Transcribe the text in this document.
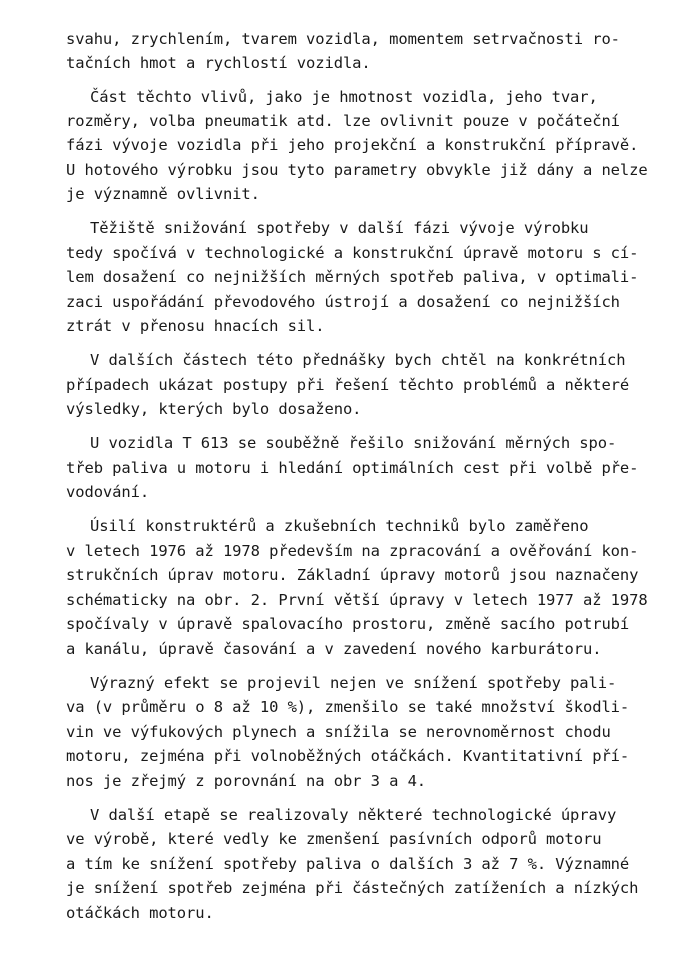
svahu, zrychlením, tvarem vozidla, momentem setrvačnosti ro-
tačních hmot a rychlostí vozidla.
Část těchto vlivů, jako je hmotnost vozidla, jeho tvar,
rozměry, volba pneumatik atd. lze ovlivnit pouze v počáteční
fázi vývoje vozidla při jeho projekční a konstrukční přípravě.
U hotového výrobku jsou tyto parametry obvykle již dány a nelze
je významně ovlivnit.
Těžiště snižování spotřeby v další fázi vývoje výrobku
tedy spočívá v technologické a konstrukční úpravě motoru s cí-
lem dosažení co nejnižších měrných spotřeb paliva, v optimali-
zaci uspořádání převodového ústrojí a dosažení co nejnižších
ztrát v přenosu hnacích sil.
V dalších částech této přednášky bych chtěl na konkrétních
případech ukázat postupy při řešení těchto problémů a některé
výsledky, kterých bylo dosaženo.
U vozidla T 613 se souběžně řešilo snižování měrných spo-
třeb paliva u motoru i hledání optimálních cest při volbě pře-
vodování.
Úsilí konstruktérů a zkušebních techniků bylo zaměřeno
v letech 1976 až 1978 především na zpracování a ověřování kon-
strukčních úprav motoru. Základní úpravy motorů jsou naznačeny
schématicky na obr. 2. První větší úpravy v letech 1977 až 1978
spočívaly v úpravě spalovacího prostoru, změně sacího potrubí
a kanálu, úpravě časování a v zavedení nového karburátoru.
Výrazný efekt se projevil nejen ve snížení spotřeby pali-
va (v průměru o 8 až 10 %), zmenšilo se také množství škodli-
vin ve výfukových plynech a snížila se nerovnoměrnost chodu
motoru, zejména při volnoběžných otáčkách. Kvantitativní pří-
nos je zřejmý z porovnání na obr 3 a 4.
V další etapě se realizovaly některé technologické úpravy
ve výrobě, které vedly ke zmenšení pasívních odporů motoru
a tím ke snížení spotřeby paliva o dalších 3 až 7 %. Významné
je snížení spotřeb zejména při částečných zatíženích a nízkých
otáčkách motoru.
